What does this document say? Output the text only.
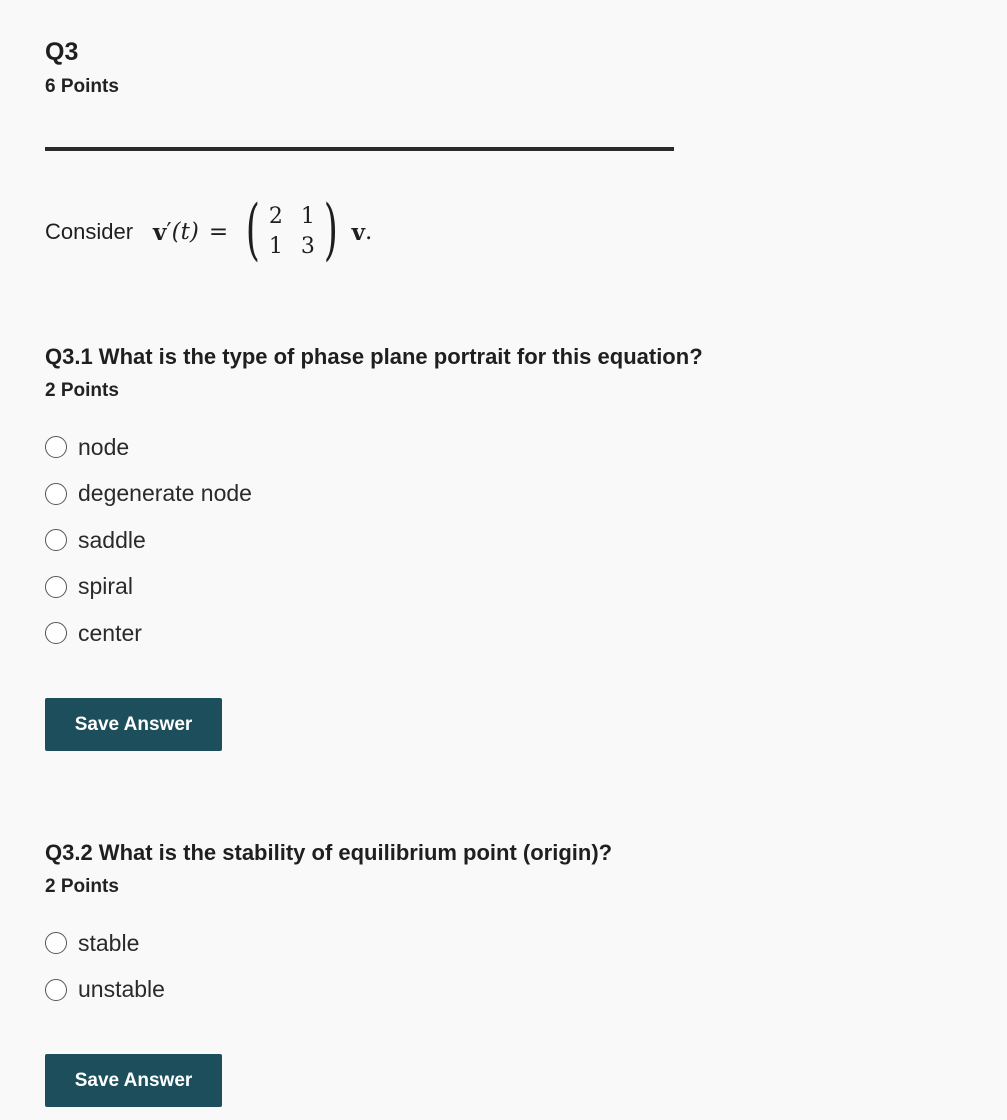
Q3
6 Points
Consider v ′ (t) = ( 2 1
1 3 ) v .
Q3.1 What is the type of phase plane portrait for this equation?
2 Points
node
degenerate node
saddle
spiral
center
Save Answer
Q3.2 What is the stability of equilibrium point (origin)?
2 Points
stable
unstable
Save Answer
